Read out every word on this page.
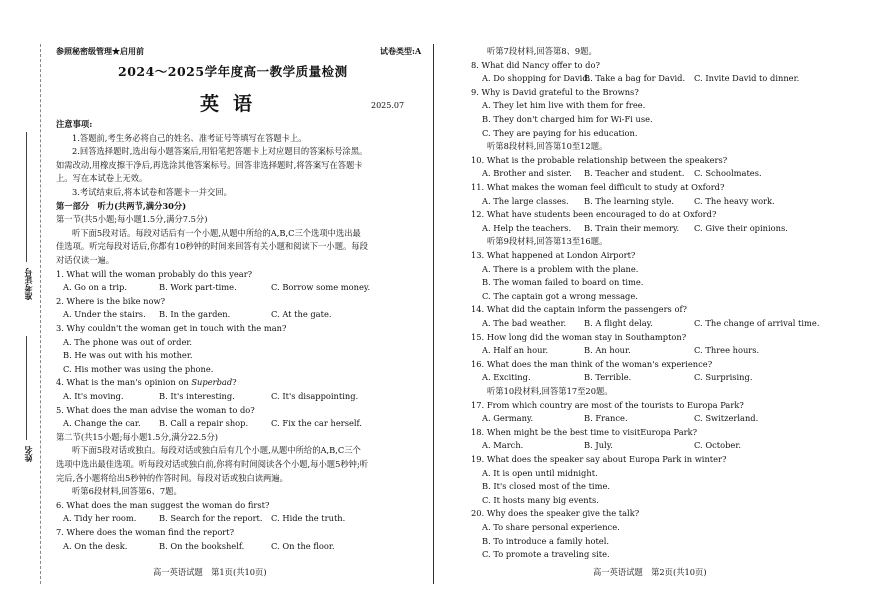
参照秘密级管理★启用前	试卷类型:A
2024～2025学年度高一教学质量检测
英语	2025.07
准考证号
姓名
注意事项:
1.答题前,考生务必将自己的姓名、准考证号等填写在答题卡上。
2.回答选择题时,选出每小题答案后,用铅笔把答题卡上对应题目的答案标号涂黑。
如需改动,用橡皮擦干净后,再选涂其他答案标号。回答非选择题时,将答案写在答题卡
上。写在本试卷上无效。
3.考试结束后,将本试卷和答题卡一并交回。
第一部分　听力(共两节,满分30分)
第一节(共5小题;每小题1.5分,满分7.5分)
听下面5段对话。每段对话后有一个小题,从题中所给的A,B,C三个选项中选出最
佳选项。听完每段对话后,你都有10秒钟的时间来回答有关小题和阅读下一小题。每段
对话仅读一遍。
1. What will the woman probably do this year?
A. Go on a trip.	B. Work part-time.	C. Borrow some money.
2. Where is the bike now?
A. Under the stairs. B. In the garden.	C. At the gate.
3. Why couldn't the woman get in touch with the man?
A. The phone was out of order.
B. He was out with his mother.
C. His mother was using the phone.
4. What is the man's opinion on Superbad?
A. It's moving.	B. It's interesting.	C. It's disappointing.
5. What does the man advise the woman to do?
A. Change the car. B. Call a repair shop.	C. Fix the car herself.
第二节(共15小题;每小题1.5分,满分22.5分)
听下面5段对话或独白。每段对话或独白后有几个小题,从题中所给的A,B,C三个
选项中选出最佳选项。听每段对话或独白前,你将有时间阅读各个小题,每小题5秒钟;听
完后,各小题将给出5秒钟的作答时间。每段对话或独白读两遍。
听第6段材料,回答第6、7题。
6. What does the man suggest the woman do first?
A. Tidy her room.	B. Search for the report. C. Hide the truth.
7. Where does the woman find the report?
A. On the desk.	B. On the bookshelf.	C. On the floor.
听第7段材料,回答第8、9题。
8. What did Nancy offer to do?
A. Do shopping for David.
B. Take a bag for David. C. Invite David to dinner.
9. Why is David grateful to the Browns?
A. They let him live with them for free.
B. They don't charged him for Wi-Fi use.
C. They are paying for his education.
听第8段材料,回答第10至12题。
10. What is the probable relationship between the speakers?
A. Brother and sister. B. Teacher and student. C. Schoolmates.
11. What makes the woman feel difficult to study at Oxford?
A. The large classes. B. The learning style. C. The heavy work.
12. What have students been encouraged to do at Oxford?
A. Help the teachers. B. Train their memory. C. Give their opinions.
听第9段材料,回答第13至16题。
13. What happened at London Airport?
A. There is a problem with the plane.
B. The woman failed to board on time.
C. The captain got a wrong message.
14. What did the captain inform the passengers of?
A. The bad weather. B. A flight delay.	C. The change of arrival time.
15. How long did the woman stay in Southampton?
A. Half an hour.	B. An hour.	C. Three hours.
16. What does the man think of the woman's experience?
A. Exciting.	B. Terrible.	C. Surprising.
听第10段材料,回答第17至20题。
17. From which country are most of the tourists to Europa Park?
A. Germany.	B. France.	C. Switzerland.
18. When might be the best time to visitEuropa Park?
A. March.	B. July.	C. October.
19. What does the speaker say about Europa Park in winter?
A. It is open until midnight.
B. It's closed most of the time.
C. It hosts many big events.
20. Why does the speaker give the talk?
A. To share personal experience.
B. To introduce a family hotel.
C. To promote a traveling site.
高一英语试题　第1页(共10页)	高一英语试题　第2页(共10页)
